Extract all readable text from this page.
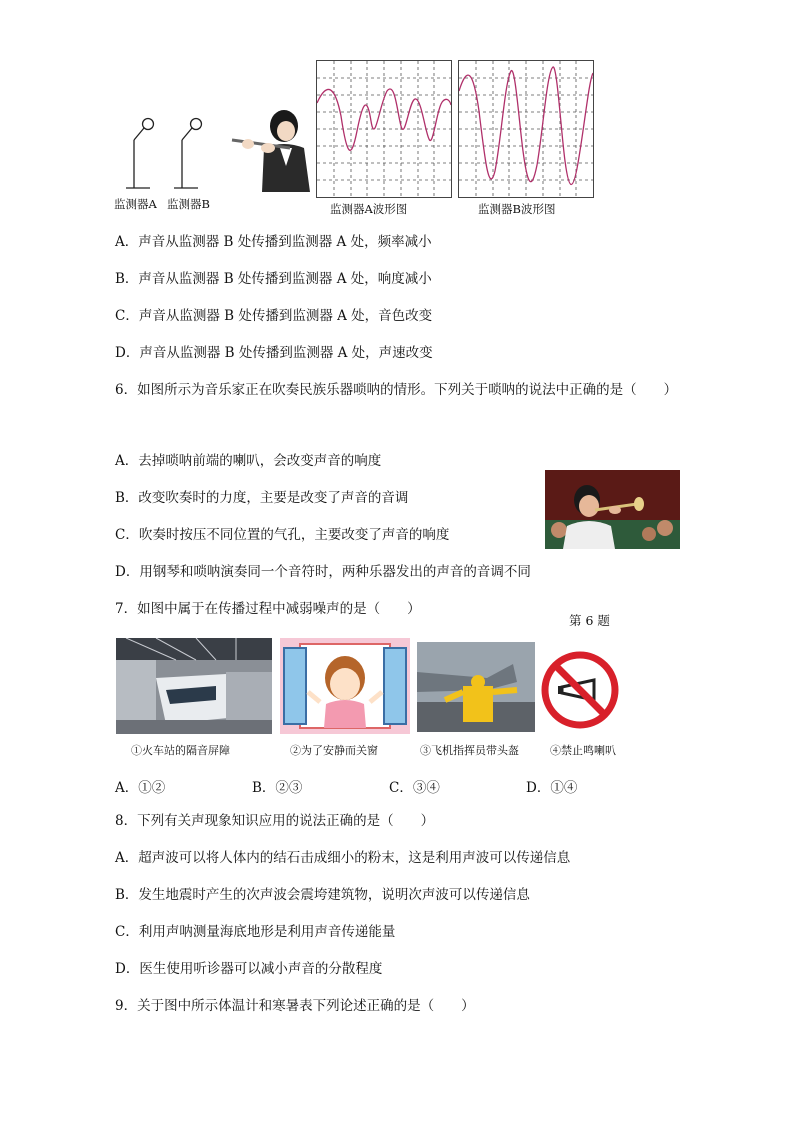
监测器A 监测器B	监测器A波形图	监测器B波形图
A．声音从监测器 B 处传播到监测器 A 处，频率减小
B．声音从监测器 B 处传播到监测器 A 处，响度减小
C．声音从监测器 B 处传播到监测器 A 处，音色改变
D．声音从监测器 B 处传播到监测器 A 处，声速改变
6．如图所示为音乐家正在吹奏民族乐器唢呐的情形。下列关于唢呐的说法中正确的是（　　）
A．去掉唢呐前端的喇叭，会改变声音的响度
B．改变吹奏时的力度，主要是改变了声音的音调
C．吹奏时按压不同位置的气孔，主要改变了声音的响度
D．用钢琴和唢呐演奏同一个音符时，两种乐器发出的声音的音调不同
第 6 题
7．如图中属于在传播过程中减弱噪声的是（　　）
①火车站的隔音屏障	②为了安静而关窗	③飞机指挥员带头盔	④禁止鸣喇叭
A．①②	B．②③	C．③④	D．①④
8．下列有关声现象知识应用的说法正确的是（　　）
A．超声波可以将人体内的结石击成细小的粉末，这是利用声波可以传递信息
B．发生地震时产生的次声波会震垮建筑物，说明次声波可以传递信息
C．利用声呐测量海底地形是利用声音传递能量
D．医生使用听诊器可以减小声音的分散程度
9．关于图中所示体温计和寒暑表下列论述正确的是（　　）
